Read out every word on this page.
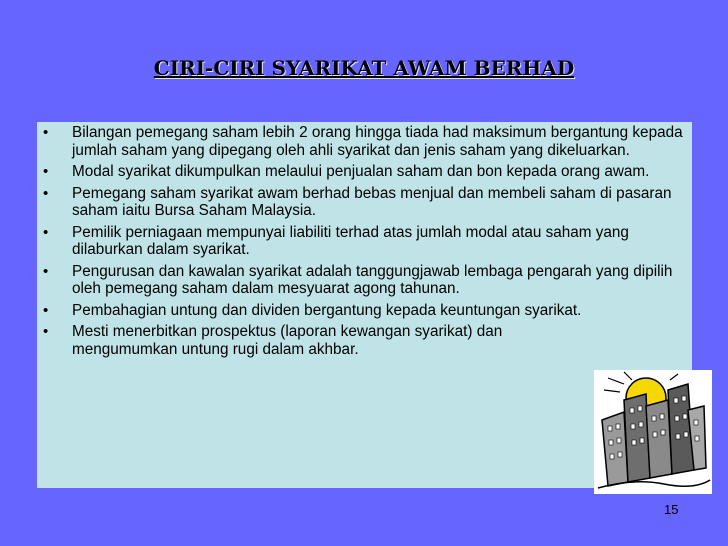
CIRI-CIRI SYARIKAT AWAM BERHAD
• Bilangan pemegang saham lebih 2 orang hingga tiada had maksimum bergantung kepada jumlah saham yang dipegang oleh ahli syarikat dan jenis saham yang dikeluarkan.
• Modal syarikat dikumpulkan melaului penjualan saham dan bon kepada orang awam.
• Pemegang saham syarikat awam berhad bebas menjual dan membeli saham di pasaran saham iaitu Bursa Saham Malaysia.
• Pemilik perniagaan mempunyai liabiliti terhad atas jumlah modal atau saham yang dilaburkan dalam syarikat.
• Pengurusan dan kawalan syarikat adalah tanggungjawab lembaga pengarah yang dipilih oleh pemegang saham dalam mesyuarat agong tahunan.
• Pembahagian untung dan dividen bergantung kepada keuntungan syarikat.
• Mesti menerbitkan prospektus (laporan kewangan syarikat) dan mengumumkan untung rugi dalam akhbar.
15
